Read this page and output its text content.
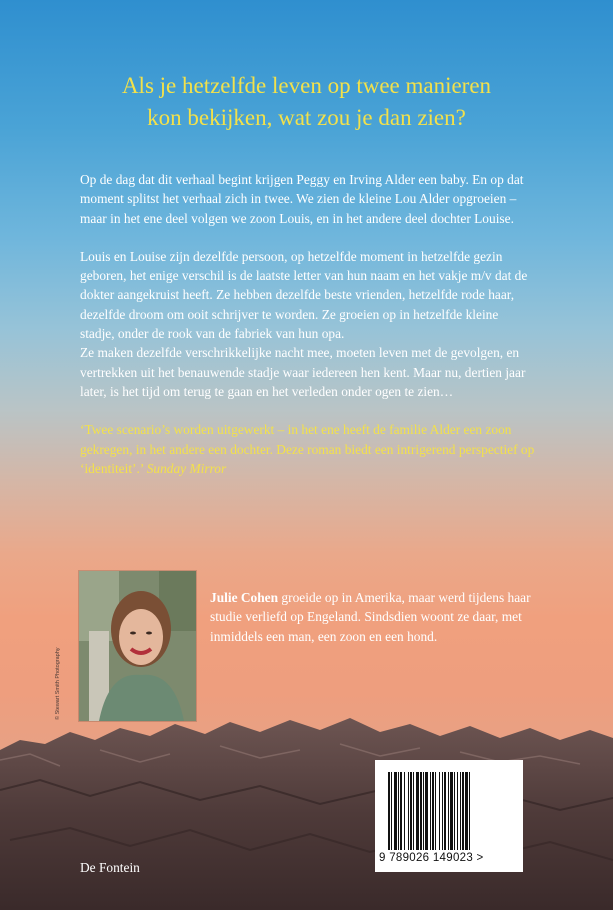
Als je hetzelfde leven op twee manieren
kon bekijken, wat zou je dan zien?

Op de dag dat dit verhaal begint krijgen Peggy en Irving Alder een baby. En op dat moment splitst het verhaal zich in twee. We zien de kleine Lou Alder opgroeien – maar in het ene deel volgen we zoon Louis, en in het andere deel dochter Louise.

Louis en Louise zijn dezelfde persoon, op hetzelfde moment in hetzelfde gezin geboren, het enige verschil is de laatste letter van hun naam en het vakje m/v dat de dokter aangekruist heeft. Ze hebben dezelfde beste vrienden, hetzelfde rode haar, dezelfde droom om ooit schrijver te worden. Ze groeien op in hetzelfde kleine stadje, onder de rook van de fabriek van hun opa.

Ze maken dezelfde verschrikkelijke nacht mee, moeten leven met de gevolgen, en vertrekken uit het benauwende stadje waar iedereen hen kent. Maar nu, dertien jaar later, is het tijd om terug te gaan en het verleden onder ogen te zien…

‘Twee scenario’s worden uitgewerkt – in het ene heeft de familie Alder een zoon gekregen, in het andere een dochter. Deze roman biedt een intrigerend perspectief op ‘identiteit’.’ Sunday Mirror

© Stewart Smith Photography
Julie Cohen groeide op in Amerika, maar werd tijdens haar studie verliefd op Engeland. Sindsdien woont ze daar, met inmiddels een man, een zoon en een hond.
9 789026 149023 >
De Fontein
